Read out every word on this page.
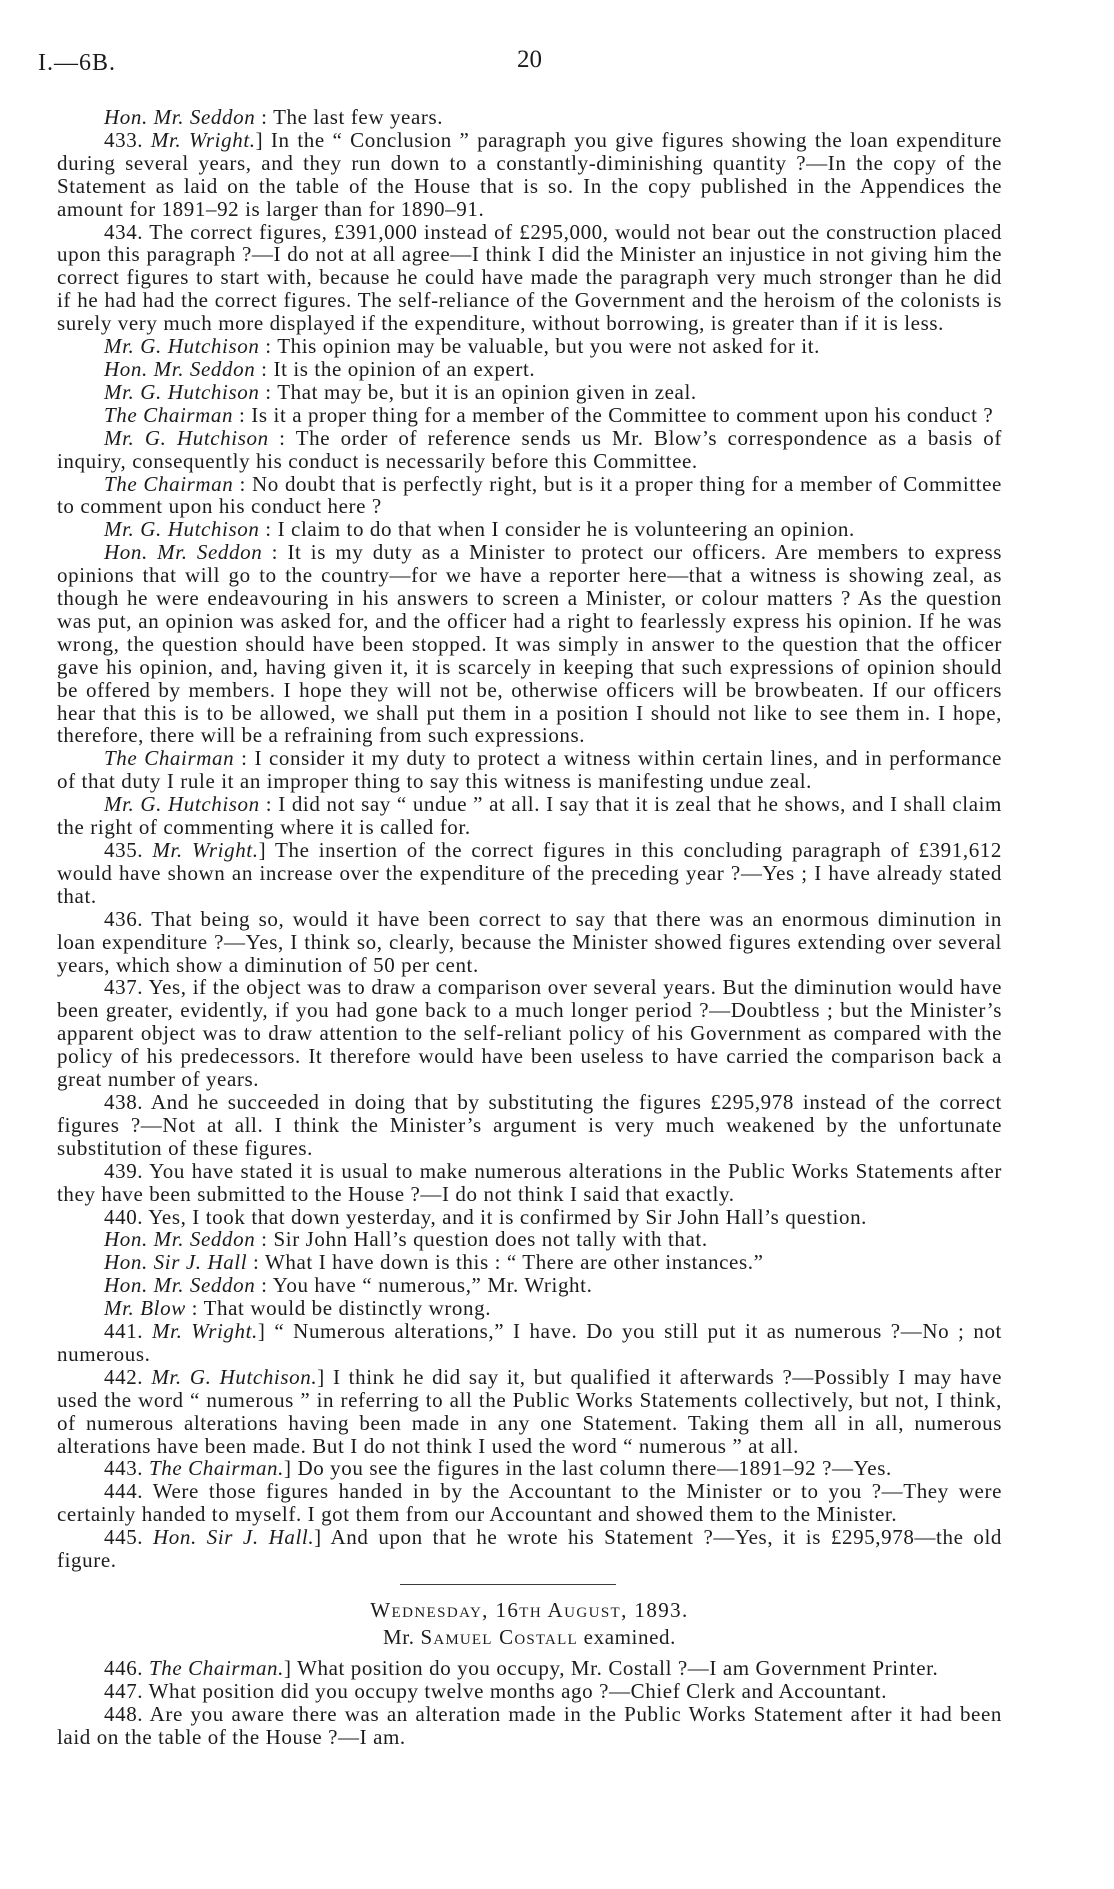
I.—6B.	20

Hon. Mr. Seddon : The last few years.

433. Mr. Wright.] In the “ Conclusion ” paragraph you give figures showing the loan expenditure during several years, and they run down to a constantly-diminishing quantity ?—In the copy of the Statement as laid on the table of the House that is so. In the copy published in the Appendices the amount for 1891–92 is larger than for 1890–91.

434. The correct figures, £391,000 instead of £295,000, would not bear out the construction placed upon this paragraph ?—I do not at all agree—I think I did the Minister an injustice in not giving him the correct figures to start with, because he could have made the paragraph very much stronger than he did if he had had the correct figures. The self-reliance of the Government and the heroism of the colonists is surely very much more displayed if the expenditure, without borrowing, is greater than if it is less.

Mr. G. Hutchison : This opinion may be valuable, but you were not asked for it.

Hon. Mr. Seddon : It is the opinion of an expert.

Mr. G. Hutchison : That may be, but it is an opinion given in zeal.

The Chairman : Is it a proper thing for a member of the Committee to comment upon his conduct ?

Mr. G. Hutchison : The order of reference sends us Mr. Blow’s correspondence as a basis of inquiry, consequently his conduct is necessarily before this Committee.

The Chairman : No doubt that is perfectly right, but is it a proper thing for a member of Committee to comment upon his conduct here ?

Mr. G. Hutchison : I claim to do that when I consider he is volunteering an opinion.

Hon. Mr. Seddon : It is my duty as a Minister to protect our officers. Are members to express opinions that will go to the country—for we have a reporter here—that a witness is showing zeal, as though he were endeavouring in his answers to screen a Minister, or colour matters ? As the question was put, an opinion was asked for, and the officer had a right to fearlessly express his opinion. If he was wrong, the question should have been stopped. It was simply in answer to the question that the officer gave his opinion, and, having given it, it is scarcely in keeping that such expressions of opinion should be offered by members. I hope they will not be, otherwise officers will be browbeaten. If our officers hear that this is to be allowed, we shall put them in a position I should not like to see them in. I hope, therefore, there will be a refraining from such expressions.

The Chairman : I consider it my duty to protect a witness within certain lines, and in performance of that duty I rule it an improper thing to say this witness is manifesting undue zeal.

Mr. G. Hutchison : I did not say “ undue ” at all. I say that it is zeal that he shows, and I shall claim the right of commenting where it is called for.

435. Mr. Wright.] The insertion of the correct figures in this concluding paragraph of £391,612 would have shown an increase over the expenditure of the preceding year ?—Yes ; I have already stated that.

436. That being so, would it have been correct to say that there was an enormous diminution in loan expenditure ?—Yes, I think so, clearly, because the Minister showed figures extending over several years, which show a diminution of 50 per cent.

437. Yes, if the object was to draw a comparison over several years. But the diminution would have been greater, evidently, if you had gone back to a much longer period ?—Doubtless ; but the Minister’s apparent object was to draw attention to the self-reliant policy of his Government as compared with the policy of his predecessors. It therefore would have been useless to have carried the comparison back a great number of years.

438. And he succeeded in doing that by substituting the figures £295,978 instead of the correct figures ?—Not at all. I think the Minister’s argument is very much weakened by the unfortunate substitution of these figures.

439. You have stated it is usual to make numerous alterations in the Public Works Statements after they have been submitted to the House ?—I do not think I said that exactly.

440. Yes, I took that down yesterday, and it is confirmed by Sir John Hall’s question.

Hon. Mr. Seddon : Sir John Hall’s question does not tally with that.

Hon. Sir J. Hall : What I have down is this : “ There are other instances.”

Hon. Mr. Seddon : You have “ numerous,” Mr. Wright.

Mr. Blow : That would be distinctly wrong.

441. Mr. Wright.] “ Numerous alterations,” I have. Do you still put it as numerous ?—No ; not numerous.

442. Mr. G. Hutchison.] I think he did say it, but qualified it afterwards ?—Possibly I may have used the word “ numerous ” in referring to all the Public Works Statements collectively, but not, I think, of numerous alterations having been made in any one Statement. Taking them all in all, numerous alterations have been made. But I do not think I used the word “ numerous ” at all.

443. The Chairman.] Do you see the figures in the last column there—1891–92 ?—Yes.

444. Were those figures handed in by the Accountant to the Minister or to you ?—They were certainly handed to myself. I got them from our Accountant and showed them to the Minister.

445. Hon. Sir J. Hall.] And upon that he wrote his Statement ?—Yes, it is £295,978—the old figure.

Wednesday, 16th August, 1893.

Mr. Samuel Costall examined.

446. The Chairman.] What position do you occupy, Mr. Costall ?—I am Government Printer.

447. What position did you occupy twelve months ago ?—Chief Clerk and Accountant.

448. Are you aware there was an alteration made in the Public Works Statement after it had been laid on the table of the House ?—I am.
